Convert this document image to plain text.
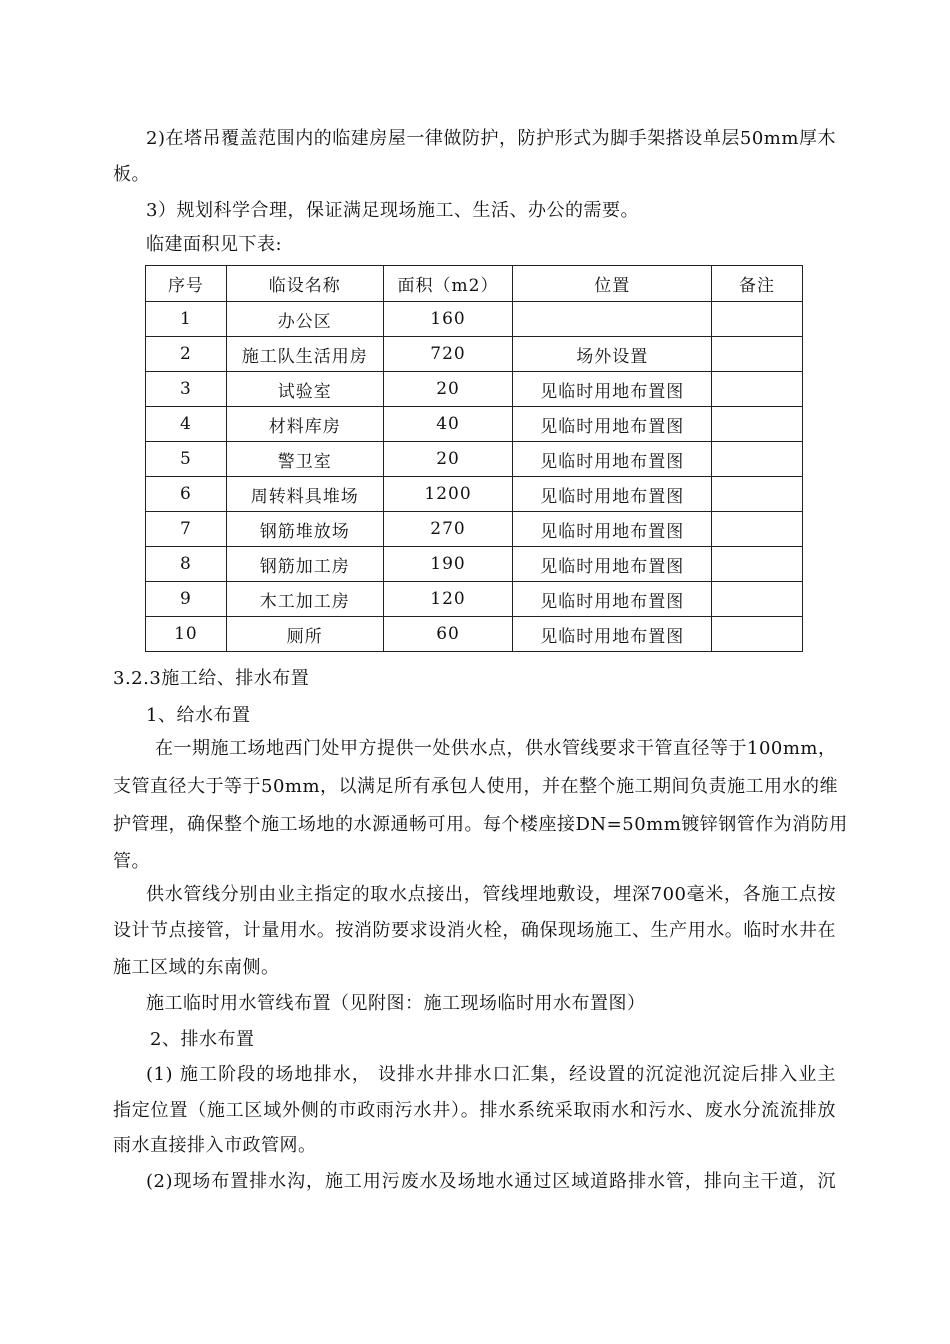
2)在塔吊覆盖范围内的临建房屋一律做防护，防护形式为脚手架搭设单层50mm厚木
板。
3）规划科学合理，保证满足现场施工、生活、办公的需要。
临建面积见下表:
序号	临设名称	面积（m2）	位置	备注
1	办公区	160		
2	施工队生活用房	720	场外设置	
3	试验室	20	见临时用地布置图	
4	材料库房	40	见临时用地布置图	
5	警卫室	20	见临时用地布置图	
6	周转料具堆场	1200	见临时用地布置图	
7	钢筋堆放场	270	见临时用地布置图	
8	钢筋加工房	190	见临时用地布置图	
9	木工加工房	120	见临时用地布置图	
10	厕所	60	见临时用地布置图	
3.2.3施工给、排水布置
1、给水布置
在一期施工场地西门处甲方提供一处供水点，供水管线要求干管直径等于100mm，
支管直径大于等于50mm，以满足所有承包人使用，并在整个施工期间负责施工用水的维
护管理，确保整个施工场地的水源通畅可用。每个楼座接DN=50mm镀锌钢管作为消防用
管。
供水管线分别由业主指定的取水点接出，管线埋地敷设，埋深700毫米，各施工点按
设计节点接管，计量用水。按消防要求设消火栓，确保现场施工、生产用水。临时水井在
施工区域的东南侧。
施工临时用水管线布置（见附图：施工现场临时用水布置图）
2、排水布置
(1) 施工阶段的场地排水， 设排水井排水口汇集，经设置的沉淀池沉淀后排入业主
指定位置（施工区域外侧的市政雨污水井）。排水系统采取雨水和污水、废水分流流排放
雨水直接排入市政管网。
(2)现场布置排水沟，施工用污废水及场地水通过区域道路排水管，排向主干道，沉
